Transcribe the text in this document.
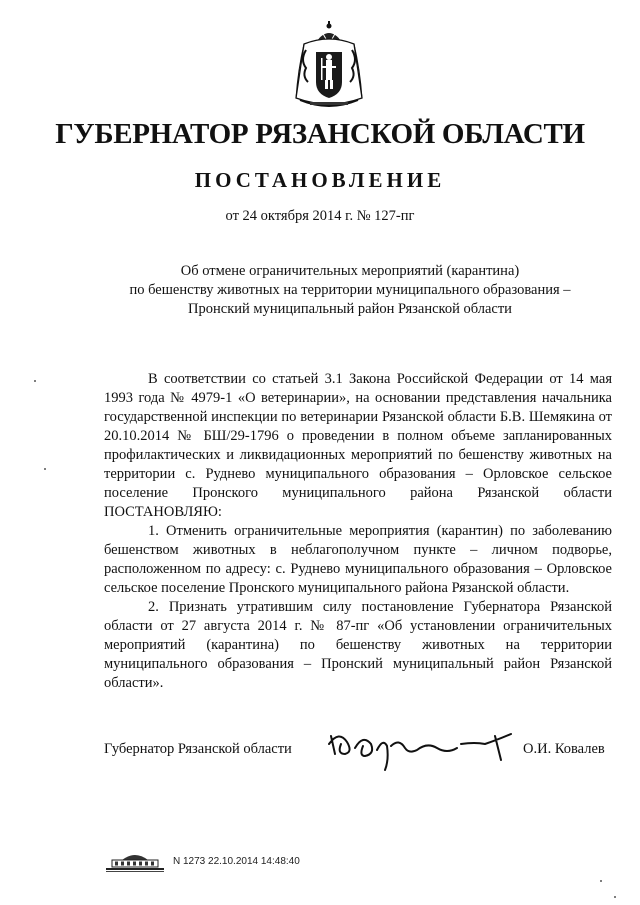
ГУБЕРНАТОР РЯЗАНСКОЙ ОБЛАСТИ
ПОСТАНОВЛЕНИЕ
от 24 октября 2014 г. № 127-пг
Об отмене ограничительных мероприятий (карантина)
по бешенству животных на территории муниципального образования –
Пронский муниципальный район Рязанской области

В соответствии со статьей 3.1 Закона Российской Федерации от 14 мая 1993 года № 4979-1 «О ветеринарии», на основании представления начальника государственной инспекции по ветеринарии Рязанской области Б.В. Шемякина от 20.10.2014 № БШ/29-1796 о проведении в полном объеме запланированных профилактических и ликвидационных мероприятий по бешенству животных на территории с. Руднево муниципального образования – Орловское сельское поселение Пронского муниципального района Рязанской области ПОСТАНОВЛЯЮ:

1. Отменить ограничительные мероприятия (карантин) по заболеванию бешенством животных в неблагополучном пункте – личном подворье, расположенном по адресу: с. Руднево муниципального образования – Орловское сельское поселение Пронского муниципального района Рязанской области.

2. Признать утратившим силу постановление Губернатора Рязанской области от 27 августа 2014 г. № 87-пг «Об установлении ограничительных мероприятий (карантина) по бешенству животных на территории муниципального образования – Пронский муниципальный район Рязанской области».

Губернатор Рязанской области	О.И. Ковалев
N 1273 22.10.2014 14:48:40
